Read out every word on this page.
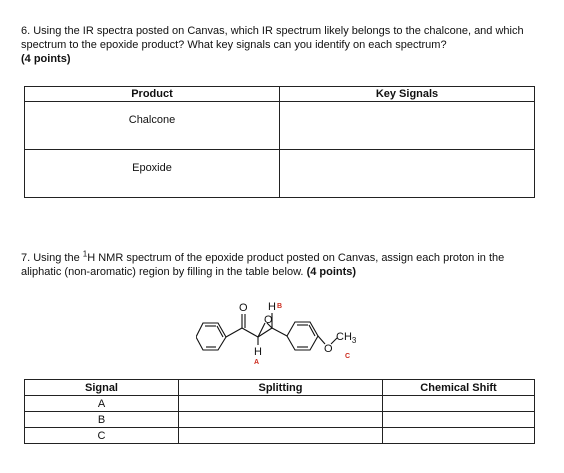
6. Using the IR spectra posted on Canvas, which IR spectrum likely belongs to the chalcone, and which spectrum to the epoxide product? What key signals can you identify on each spectrum?
(4 points)

Product	Key Signals

Chalcone	

Epoxide	

7. Using the $^1$H NMR spectrum of the epoxide product posted on Canvas, assign each proton in the aliphatic (non-aromatic) region by filling in the table below. (4 points)

O
O
O
H
H
$CH_3$
B
A
C
Signal	Splitting	Chemical Shift
A		
B		
C		
